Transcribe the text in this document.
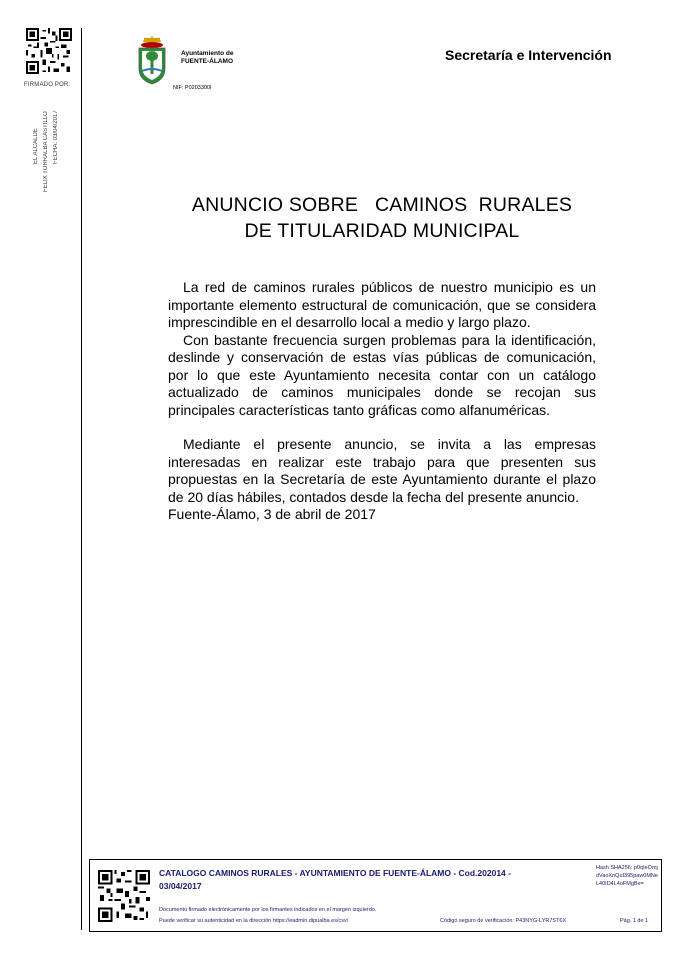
FIRMADO POR:
EL ALCALDE FELIX TORRALBA CASTILLO FECHA: 03/04/2017
Ayuntamiento de
FUENTE-ÁLAMO
NIF: P0203300I
Secretaría e Intervención
ANUNCIO SOBRE   CAMINOS  RURALES
DE TITULARIDAD MUNICIPAL

La red de caminos rurales públicos de nuestro municipio es un importante elemento estructural de comunicación, que se considera imprescindible en el desarrollo local a medio y largo plazo.

Con bastante frecuencia surgen problemas para la identificación, deslinde y conservación de estas vías públicas de comunicación, por lo que este Ayuntamiento necesita contar con un catálogo actualizado de caminos municipales donde se recojan sus principales características tanto gráficas como alfanuméricas.

Mediante el presente anuncio, se invita a las empresas interesadas en realizar este trabajo para que presenten sus propuestas en la Secretaría de este Ayuntamiento durante el plazo de 20 días hábiles, contados desde la fecha del presente anuncio.

Fuente-Álamo, 3 de abril de 2017

CATALOGO CAMINOS RURALES - AYUNTAMIENTO DE FUENTE-ÁLAMO - Cod.202014 - 03/04/2017
Hash SHA256: p0qIeOmjdVaoXnQuI395paw0MNeL40ID4L4oFMgBe=
Documento firmado electrónicamente por los firmantes indicados en el margen izquierdo.
Puede verificar su autenticidad en la dirección https://eadmin.dipualba.es/csv/	Código seguro de verificación: P43NYG-LYR7ST6X	Pág. 1 de 1
